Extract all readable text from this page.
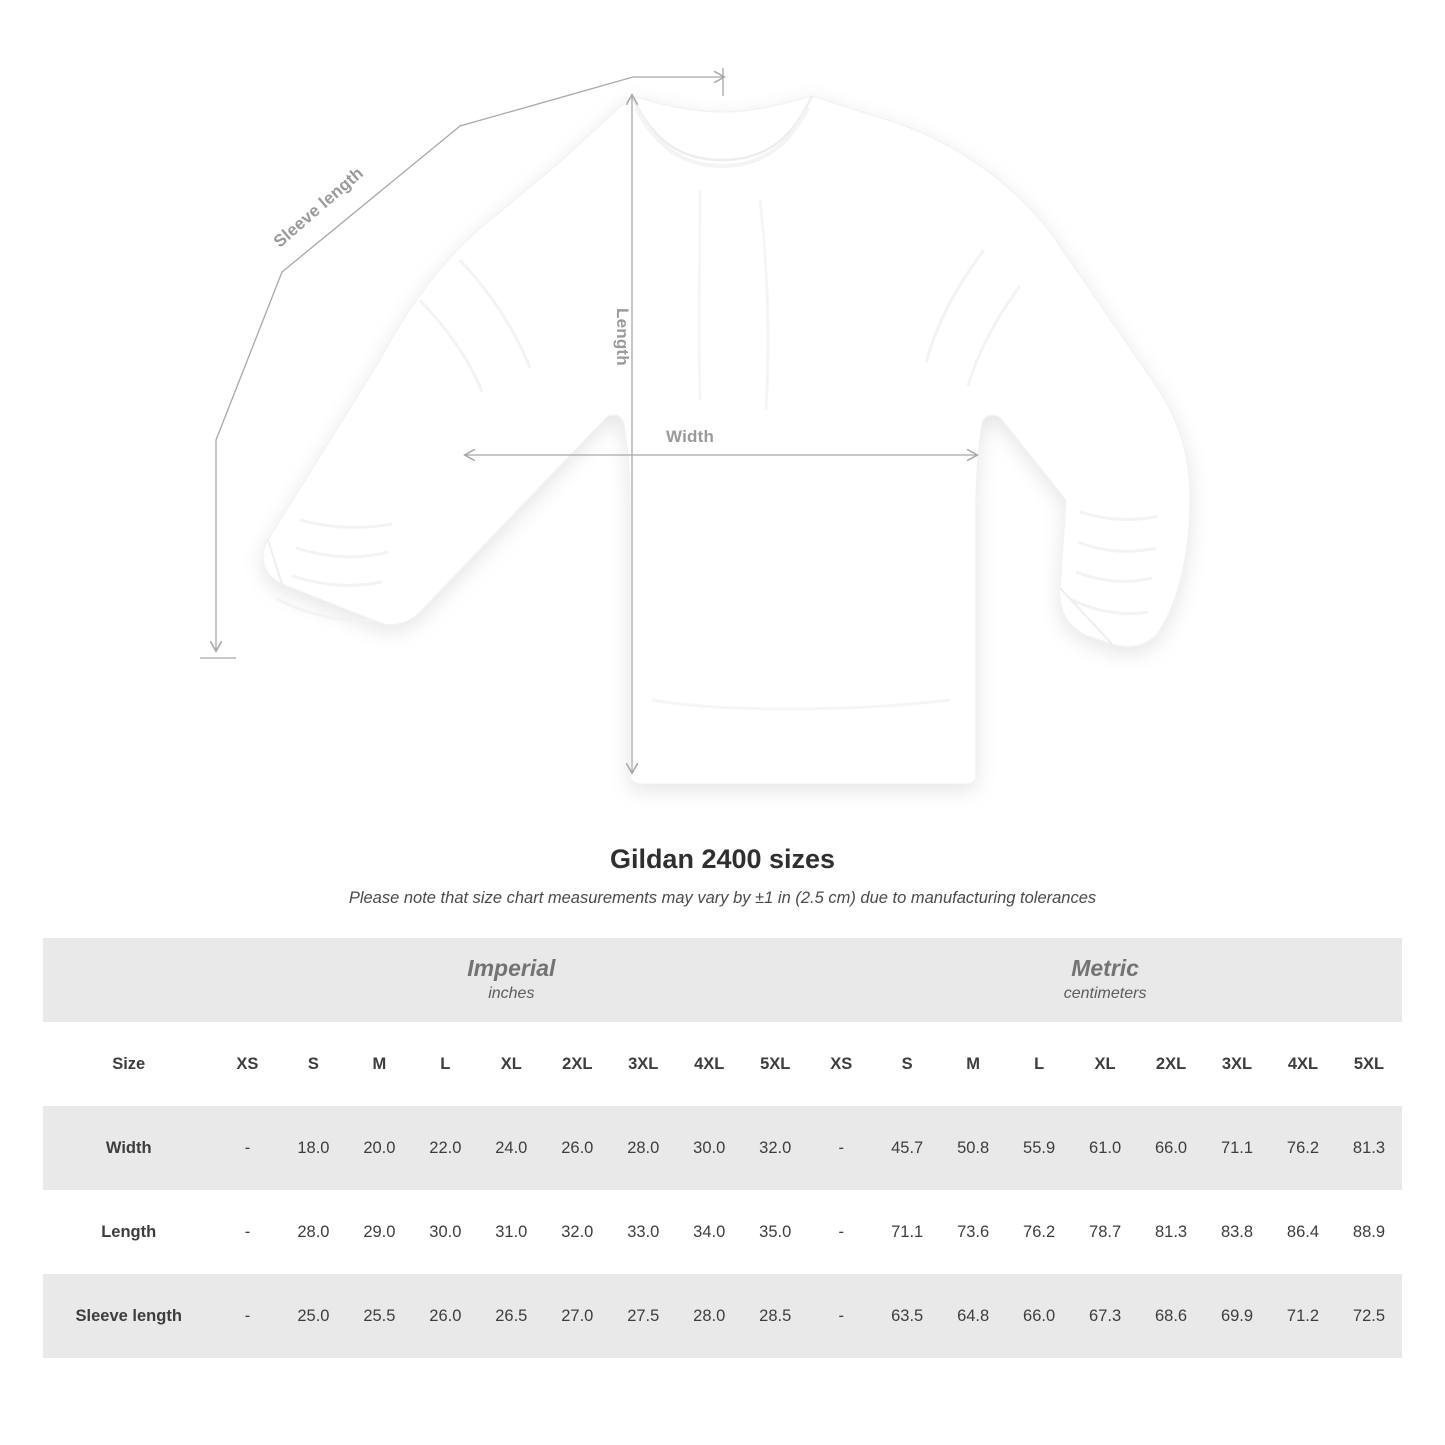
Width
Length
Sleeve length
Gildan 2400 sizes

Please note that size chart measurements may vary by ±1 in (2.5 cm) due to manufacturing tolerances

	Imperial
inches									Metric
centimeters								

Size	XS	S	M	L	XL	2XL	3XL	4XL	5XL	XS	S	M	L	XL	2XL	3XL	4XL	5XL
Width	-	18.0	20.0	22.0	24.0	26.0	28.0	30.0	32.0	-	45.7	50.8	55.9	61.0	66.0	71.1	76.2	81.3
Length	-	28.0	29.0	30.0	31.0	32.0	33.0	34.0	35.0	-	71.1	73.6	76.2	78.7	81.3	83.8	86.4	88.9
Sleeve length	-	25.0	25.5	26.0	26.5	27.0	27.5	28.0	28.5	-	63.5	64.8	66.0	67.3	68.6	69.9	71.2	72.5
